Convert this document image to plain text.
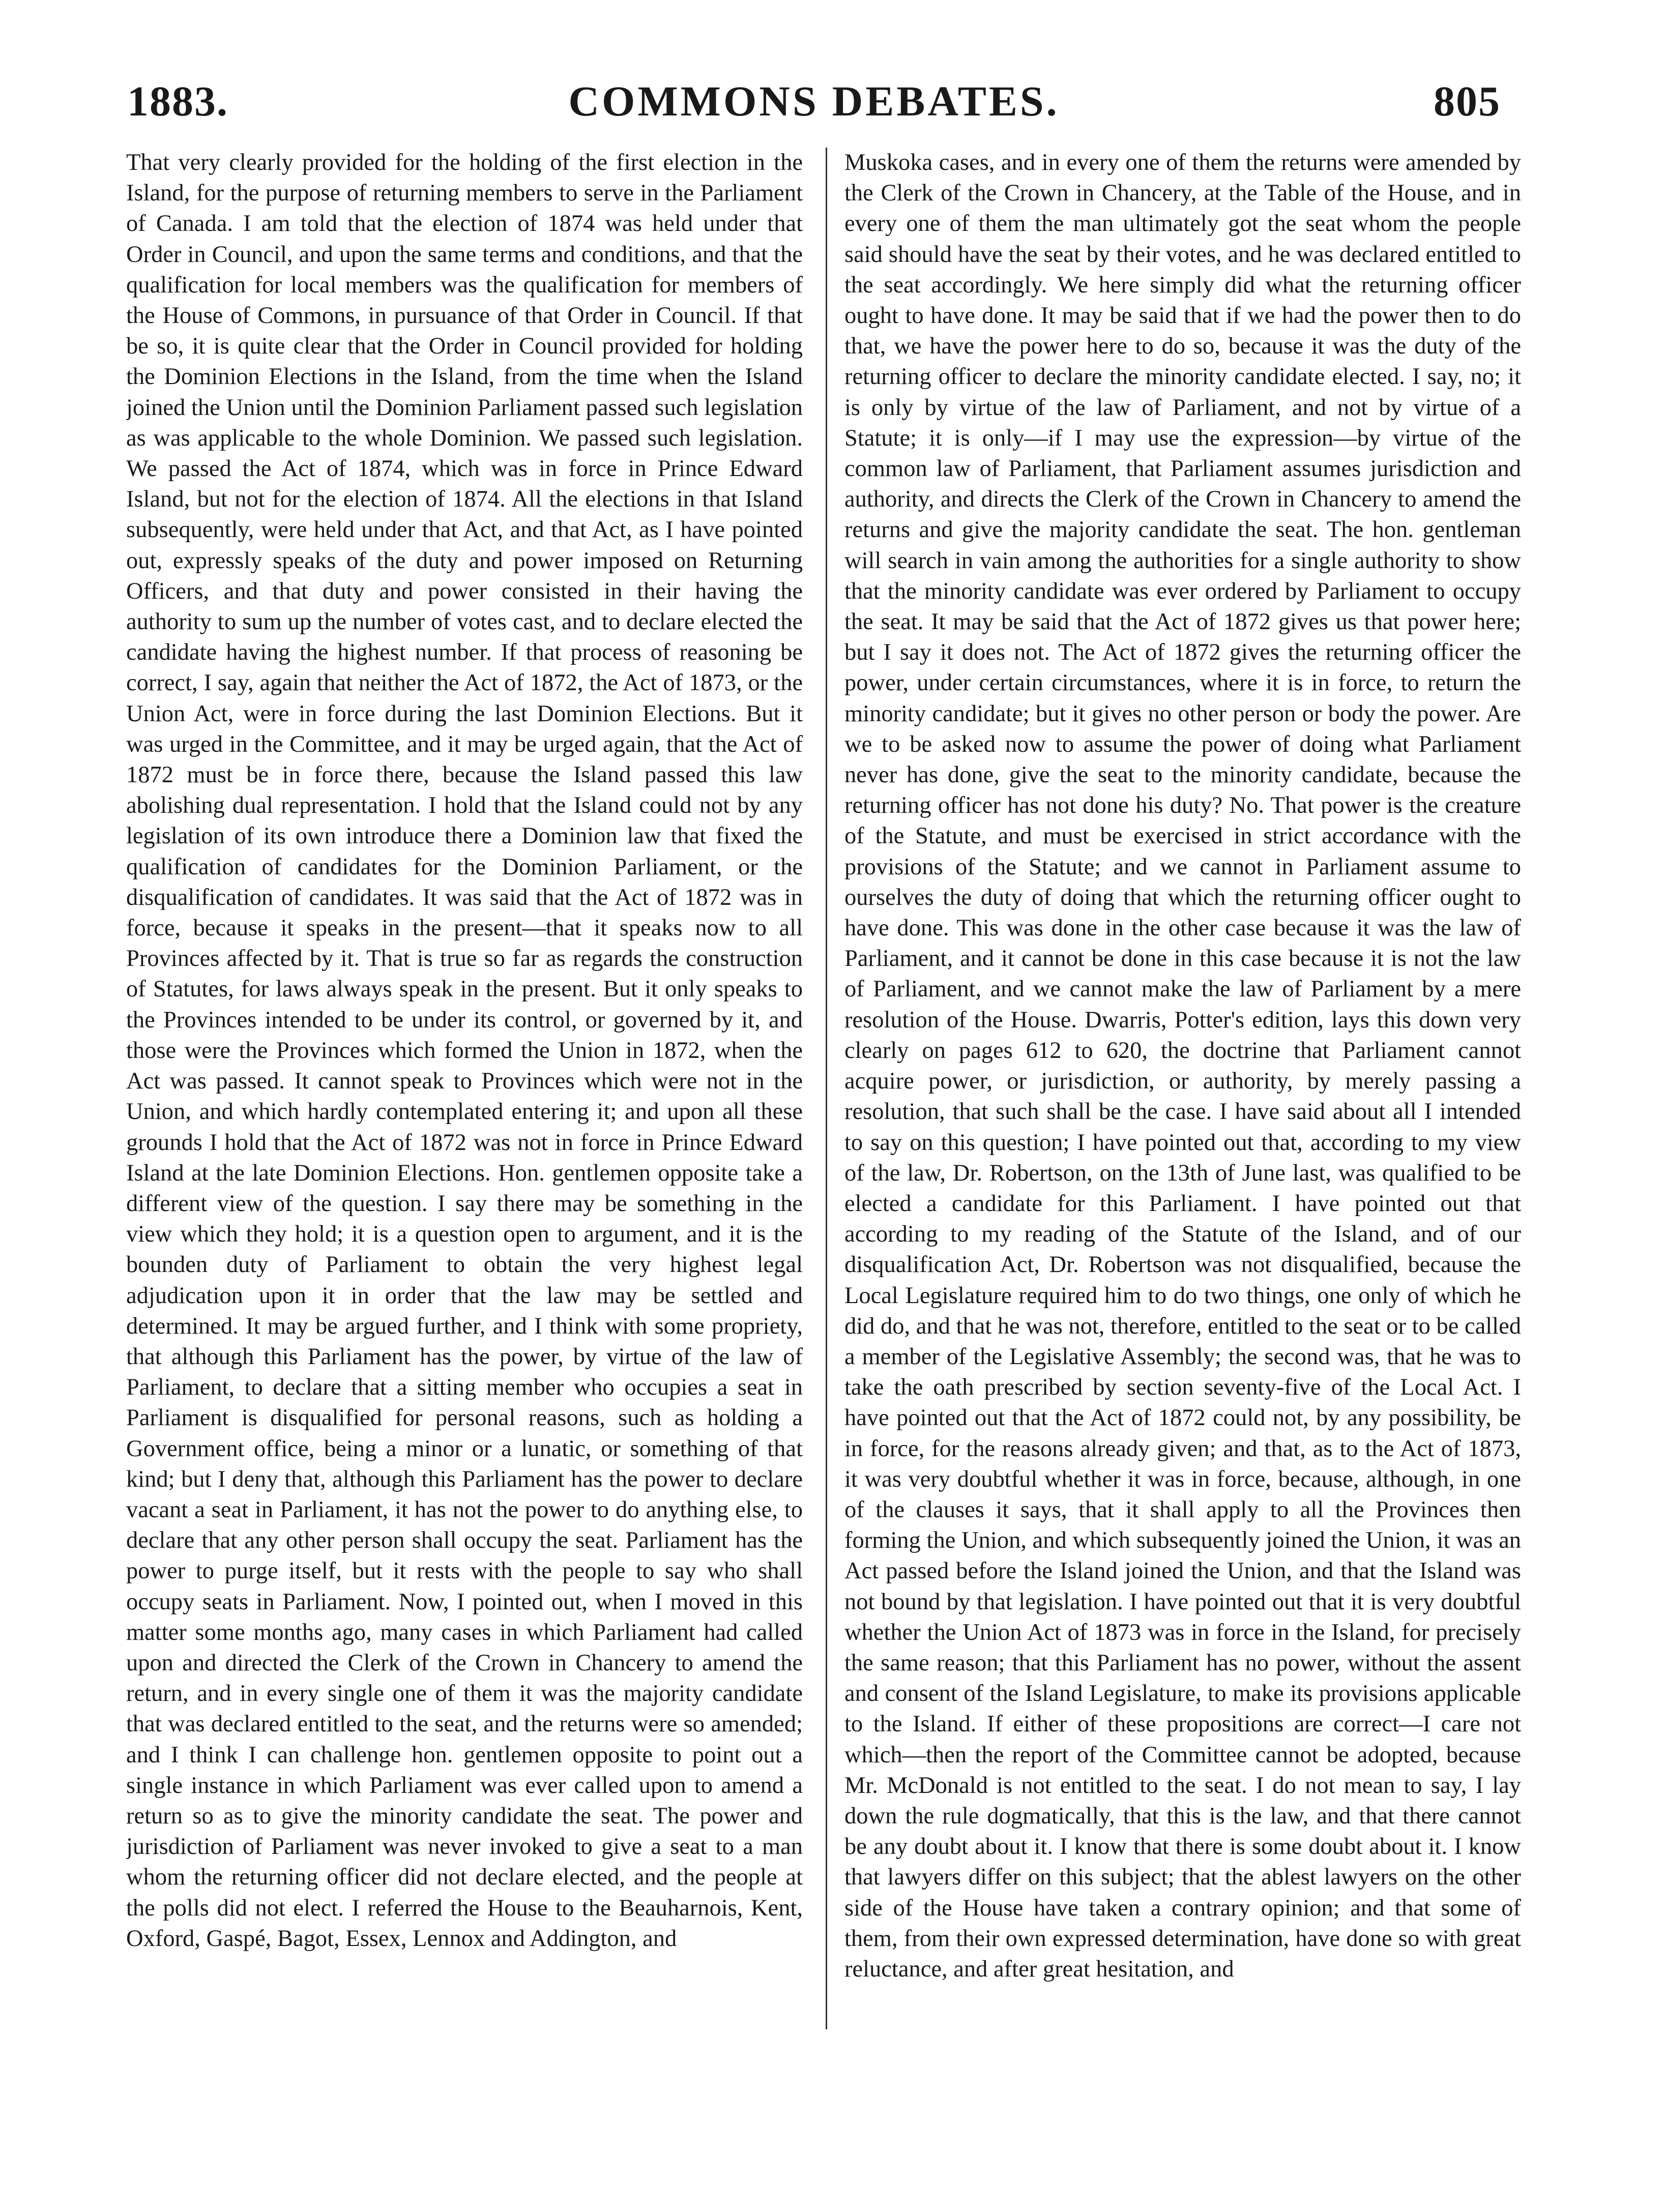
1883.	COMMONS DEBATES.	805

That very clearly provided for the holding of the first election in the Island, for the purpose of returning members to serve in the Parliament of Canada. I am told that the election of 1874 was held under that Order in Council, and upon the same terms and conditions, and that the qualification for local members was the qualification for members of the House of Commons, in pursuance of that Order in Council. If that be so, it is quite clear that the Order in Council provided for holding the Dominion Elections in the Island, from the time when the Island joined the Union until the Dominion Parliament passed such legislation as was applicable to the whole Dominion. We passed such legislation. We passed the Act of 1874, which was in force in Prince Edward Island, but not for the election of 1874. All the elections in that Island subsequently, were held under that Act, and that Act, as I have pointed out, expressly speaks of the duty and power imposed on Returning Officers, and that duty and power consisted in their having the authority to sum up the number of votes cast, and to declare elected the candidate having the highest number. If that process of reasoning be correct, I say, again that neither the Act of 1872, the Act of 1873, or the Union Act, were in force during the last Dominion Elections. But it was urged in the Committee, and it may be urged again, that the Act of 1872 must be in force there, because the Island passed this law abolishing dual representation. I hold that the Island could not by any legislation of its own introduce there a Dominion law that fixed the qualification of candidates for the Dominion Parliament, or the disqualification of candidates. It was said that the Act of 1872 was in force, because it speaks in the present—that it speaks now to all Provinces affected by it. That is true so far as regards the construction of Statutes, for laws always speak in the present. But it only speaks to the Provinces intended to be under its control, or governed by it, and those were the Provinces which formed the Union in 1872, when the Act was passed. It cannot speak to Provinces which were not in the Union, and which hardly contemplated entering it; and upon all these grounds I hold that the Act of 1872 was not in force in Prince Edward Island at the late Dominion Elections. Hon. gentlemen opposite take a different view of the question. I say there may be something in the view which they hold; it is a question open to argument, and it is the bounden duty of Parliament to obtain the very highest legal adjudication upon it in order that the law may be settled and determined. It may be argued further, and I think with some propriety, that although this Parliament has the power, by virtue of the law of Parliament, to declare that a sitting member who occupies a seat in Parliament is disqualified for personal reasons, such as holding a Government office, being a minor or a lunatic, or something of that kind; but I deny that, although this Parliament has the power to declare vacant a seat in Parliament, it has not the power to do anything else, to declare that any other person shall occupy the seat. Parliament has the power to purge itself, but it rests with the people to say who shall occupy seats in Parliament. Now, I pointed out, when I moved in this matter some months ago, many cases in which Parliament had called upon and directed the Clerk of the Crown in Chancery to amend the return, and in every single one of them it was the majority candidate that was declared entitled to the seat, and the returns were so amended; and I think I can challenge hon. gentlemen opposite to point out a single instance in which Parliament was ever called upon to amend a return so as to give the minority candidate the seat. The power and jurisdiction of Parliament was never invoked to give a seat to a man whom the returning officer did not declare elected, and the people at the polls did not elect. I referred the House to the Beauharnois, Kent, Oxford, Gaspé, Bagot, Essex, Lennox and Addington, and

Muskoka cases, and in every one of them the returns were amended by the Clerk of the Crown in Chancery, at the Table of the House, and in every one of them the man ultimately got the seat whom the people said should have the seat by their votes, and he was declared entitled to the seat accordingly. We here simply did what the returning officer ought to have done. It may be said that if we had the power then to do that, we have the power here to do so, because it was the duty of the returning officer to declare the minority candidate elected. I say, no; it is only by virtue of the law of Parliament, and not by virtue of a Statute; it is only—if I may use the expression—by virtue of the common law of Parliament, that Parliament assumes jurisdiction and authority, and directs the Clerk of the Crown in Chancery to amend the returns and give the majority candidate the seat. The hon. gentleman will search in vain among the authorities for a single authority to show that the minority candidate was ever ordered by Parliament to occupy the seat. It may be said that the Act of 1872 gives us that power here; but I say it does not. The Act of 1872 gives the returning officer the power, under certain circumstances, where it is in force, to return the minority candidate; but it gives no other person or body the power. Are we to be asked now to assume the power of doing what Parliament never has done, give the seat to the minority candidate, because the returning officer has not done his duty? No. That power is the creature of the Statute, and must be exercised in strict accordance with the provisions of the Statute; and we cannot in Parliament assume to ourselves the duty of doing that which the returning officer ought to have done. This was done in the other case because it was the law of Parliament, and it cannot be done in this case because it is not the law of Parliament, and we cannot make the law of Parliament by a mere resolution of the House. Dwarris, Potter's edition, lays this down very clearly on pages 612 to 620, the doctrine that Parliament cannot acquire power, or jurisdiction, or authority, by merely passing a resolution, that such shall be the case. I have said about all I intended to say on this question; I have pointed out that, according to my view of the law, Dr. Robertson, on the 13th of June last, was qualified to be elected a candidate for this Parliament. I have pointed out that according to my reading of the Statute of the Island, and of our disqualification Act, Dr. Robertson was not disqualified, because the Local Legislature required him to do two things, one only of which he did do, and that he was not, therefore, entitled to the seat or to be called a member of the Legislative Assembly; the second was, that he was to take the oath prescribed by section seventy-five of the Local Act. I have pointed out that the Act of 1872 could not, by any possibility, be in force, for the reasons already given; and that, as to the Act of 1873, it was very doubtful whether it was in force, because, although, in one of the clauses it says, that it shall apply to all the Provinces then forming the Union, and which subsequently joined the Union, it was an Act passed before the Island joined the Union, and that the Island was not bound by that legislation. I have pointed out that it is very doubtful whether the Union Act of 1873 was in force in the Island, for precisely the same reason; that this Parliament has no power, without the assent and consent of the Island Legislature, to make its provisions applicable to the Island. If either of these propositions are correct—I care not which—then the report of the Committee cannot be adopted, because Mr. McDonald is not entitled to the seat. I do not mean to say, I lay down the rule dogmatically, that this is the law, and that there cannot be any doubt about it. I know that there is some doubt about it. I know that lawyers differ on this subject; that the ablest lawyers on the other side of the House have taken a contrary opinion; and that some of them, from their own expressed determination, have done so with great reluctance, and after great hesitation, and
